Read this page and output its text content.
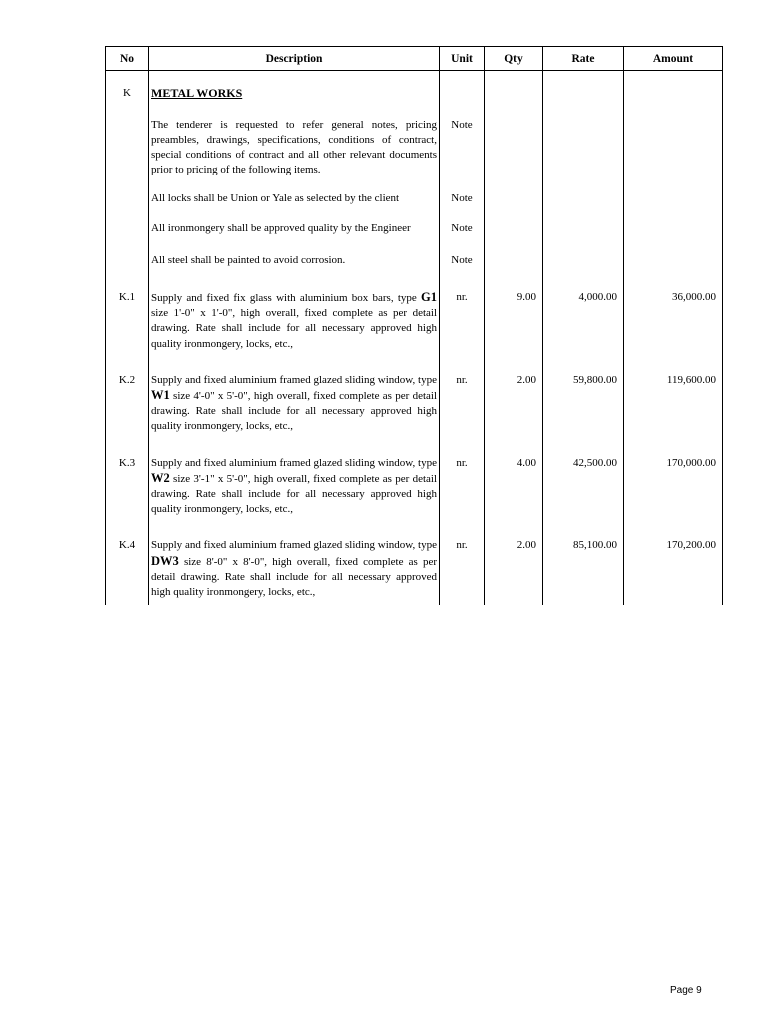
No	Description	Unit	Qty	Rate	Amount
K	METAL WORKS				

	The tenderer is requested to refer general notes, pricing preambles, drawings, specifications, conditions of contract, special conditions of contract and all other relevant documents prior to pricing of the following items.	Note			
	All locks shall be Union or Yale as selected by the client	Note			
	All ironmongery shall be approved quality by the Engineer	Note			
	All steel shall be painted to avoid corrosion.	Note			
K.1	Supply and fixed fix glass with aluminium box bars, type G1 size 1'-0" x 1'-0", high overall, fixed complete as per detail drawing. Rate shall include for all necessary approved high quality ironmongery, locks, etc.,	nr.	9.00	4,000.00	36,000.00
K.2	Supply and fixed aluminium framed glazed sliding window, type W1 size 4'-0" x 5'-0", high overall, fixed complete as per detail drawing. Rate shall include for all necessary approved high quality ironmongery, locks, etc.,	nr.	2.00	59,800.00	119,600.00
K.3	Supply and fixed aluminium framed glazed sliding window, type W2 size 3'-1" x 5'-0", high overall, fixed complete as per detail drawing. Rate shall include for all necessary approved high quality ironmongery, locks, etc.,	nr.	4.00	42,500.00	170,000.00
K.4	Supply and fixed aluminium framed glazed sliding window, type DW3 size 8'-0" x 8'-0", high overall, fixed complete as per detail drawing. Rate shall include for all necessary approved high quality ironmongery, locks, etc.,	nr.	2.00	85,100.00	170,200.00
Page 9
